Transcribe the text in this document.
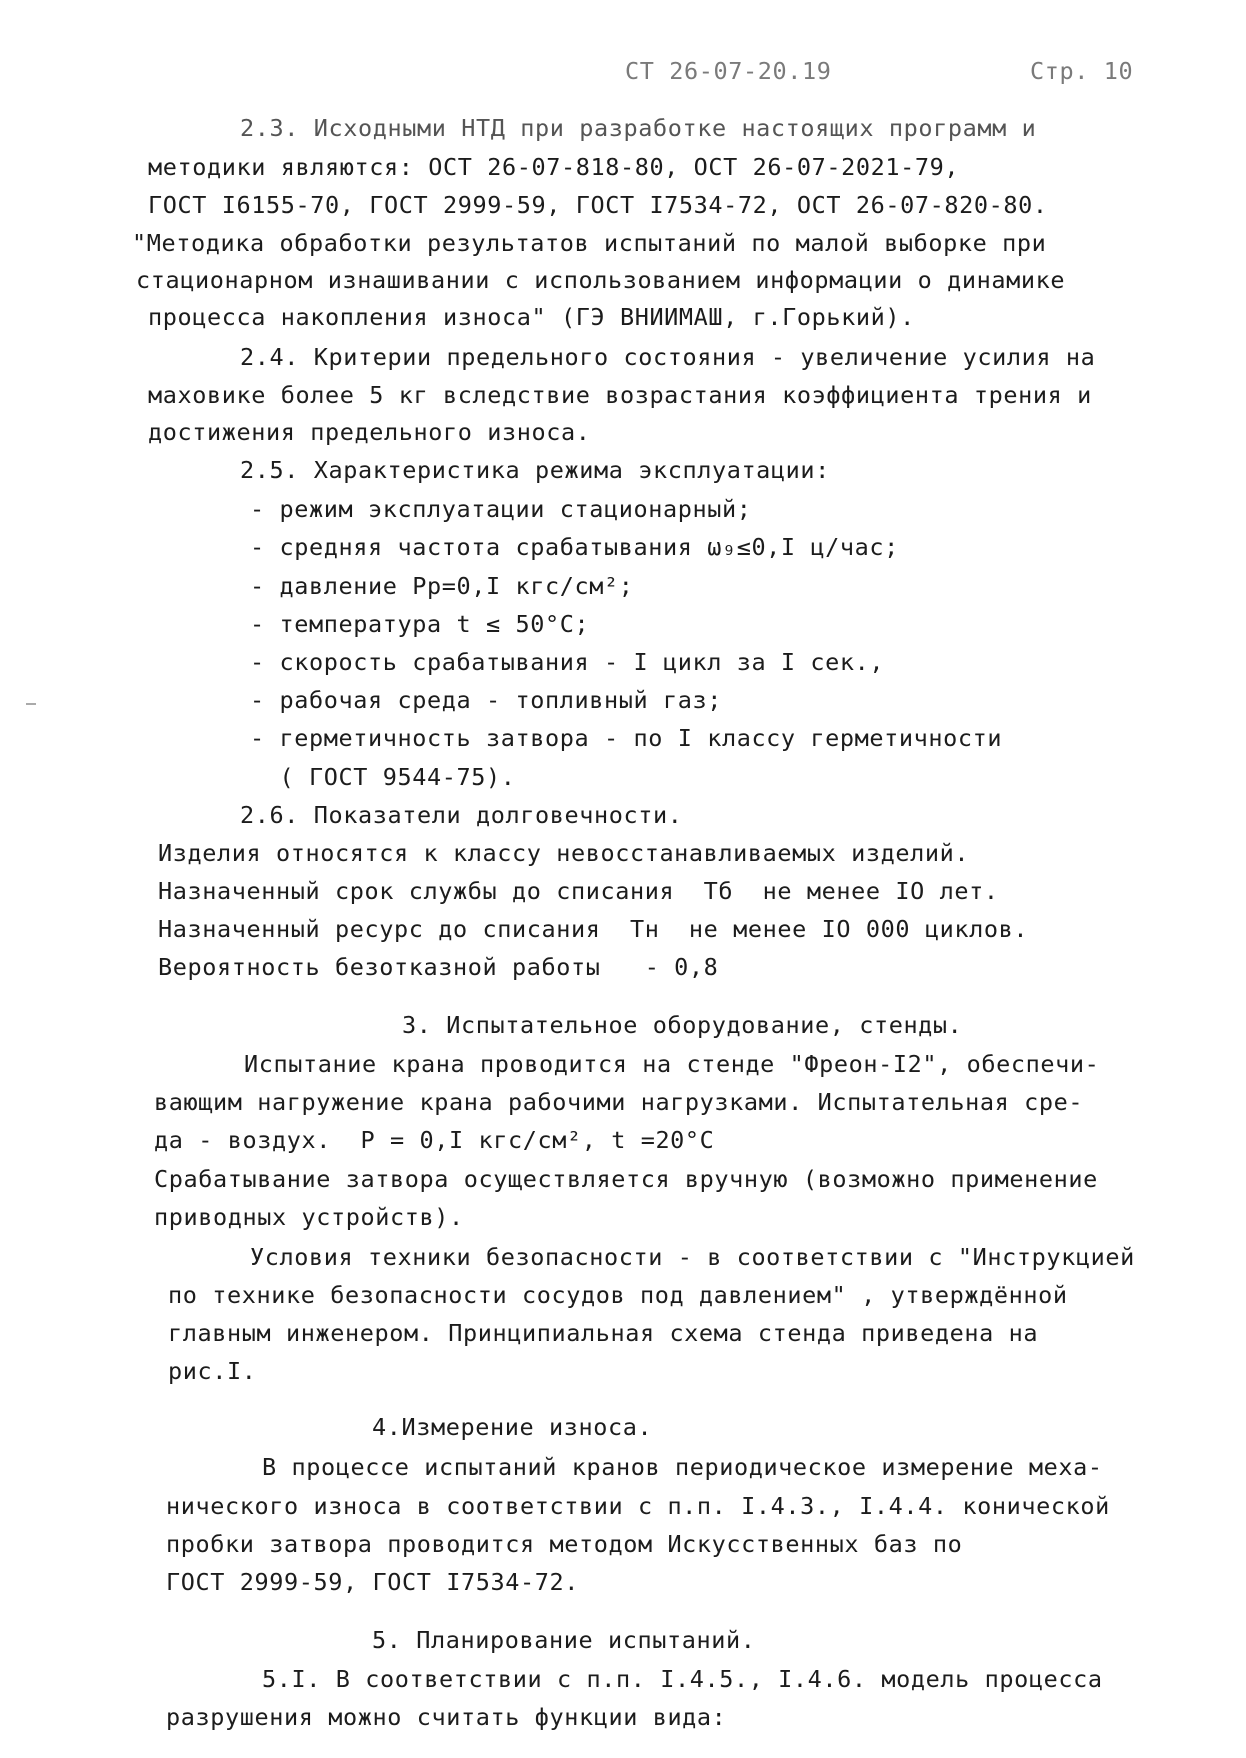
СТ 26-07-20.19	Стр. 10
2.3. Исходными НТД при разработке настоящих программ и
методики являются: ОСТ 26-07-818-80, ОСТ 26-07-2021-79,
ГОСТ I6155-70, ГОСТ 2999-59, ГОСТ I7534-72, ОСТ 26-07-820-80.
"Методика обработки результатов испытаний по малой выборке при
стационарном изнашивании с использованием информации о динамике
процесса накопления износа" (ГЭ ВНИИМАШ, г.Горький).
2.4. Критерии предельного состояния - увеличение усилия на
маховике более 5 кг вследствие возрастания коэффициента трения и
достижения предельного износа.
2.5. Характеристика режима эксплуатации:
- режим эксплуатации стационарный;
- средняя частота срабатывания ω₉≤0,I ц/час;
- давление Pp=0,I кгс/см²;
- температура t ≤ 50°С;
- скорость срабатывания - I цикл за I сек.,
- рабочая среда - топливный газ;
- герметичность затвора - по I классу герметичности
( ГОСТ 9544-75).
2.6. Показатели долговечности.
Изделия относятся к классу невосстанавливаемых изделий.
Назначенный срок службы до списания  Тб  не менее IO лет.
Назначенный ресурс до списания  Тн  не менее IO 000 циклов.
Вероятность безотказной работы   - 0,8
3. Испытательное оборудование, стенды.
Испытание крана проводится на стенде "Фреон-I2", обеспечи-
вающим нагружение крана рабочими нагрузками. Испытательная сре-
да - воздух.  Р = 0,I кгс/см², t =20°С
Срабатывание затвора осуществляется вручную (возможно применение
приводных устройств).
Условия техники безопасности - в соответствии с "Инструкцией
по технике безопасности сосудов под давлением" , утверждённой
главным инженером. Принципиальная схема стенда приведена на
рис.I.
4.Измерение износа.
В процессе испытаний кранов периодическое измерение меха-
нического износа в соответствии с п.п. I.4.3., I.4.4. конической
пробки затвора проводится методом Искусственных баз по
ГОСТ 2999-59, ГОСТ I7534-72.
5. Планирование испытаний.
5.I. В соответствии с п.п. I.4.5., I.4.6. модель процесса
разрушения можно считать функции вида:
